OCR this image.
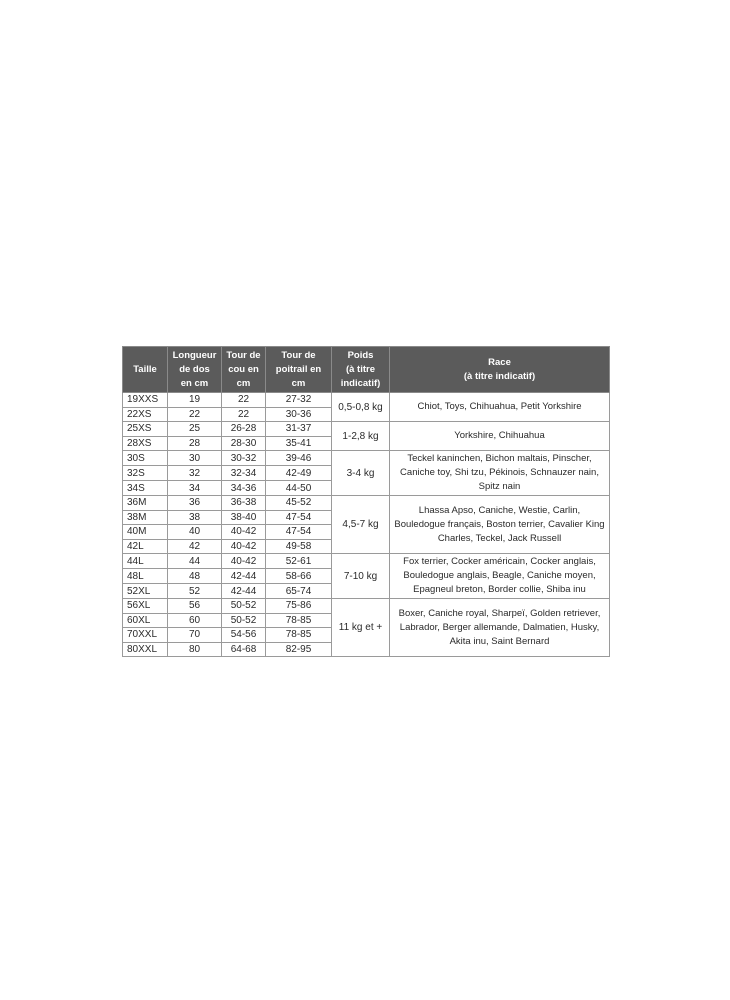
Taille	Longueur
de dos
en cm	Tour de
cou en
cm	Tour de
poitrail en
cm	Poids
(à titre
indicatif)	Race
(à titre indicatif)
19XXS	19	22	27-32	0,5-0,8 kg	Chiot, Toys, Chihuahua, Petit Yorkshire
22XS	22	22	30-36		
25XS	25	26-28	31-37	1-2,8 kg	Yorkshire, Chihuahua
28XS	28	28-30	35-41		
30S	30	30-32	39-46	3-4 kg	Teckel kaninchen, Bichon maltais, Pinscher, Caniche toy, Shi tzu, Pékinois, Schnauzer nain, Spitz nain
32S	32	32-34	42-49		
34S	34	34-36	44-50		
36M	36	36-38	45-52	4,5-7 kg	Lhassa Apso, Caniche, Westie, Carlin, Bouledogue français, Boston terrier, Cavalier King Charles, Teckel, Jack Russell
38M	38	38-40	47-54		
40M	40	40-42	47-54		
42L	42	40-42	49-58		
44L	44	40-42	52-61	7-10 kg	Fox terrier, Cocker américain, Cocker anglais, Bouledogue anglais, Beagle, Caniche moyen, Epagneul breton, Border collie, Shiba inu
48L	48	42-44	58-66		
52XL	52	42-44	65-74		
56XL	56	50-52	75-86	11 kg et +	Boxer, Caniche royal, Sharpeï, Golden retriever, Labrador, Berger allemande, Dalmatien, Husky, Akita inu, Saint Bernard
60XL	60	50-52	78-85		
70XXL	70	54-56	78-85		
80XXL	80	64-68	82-95		
